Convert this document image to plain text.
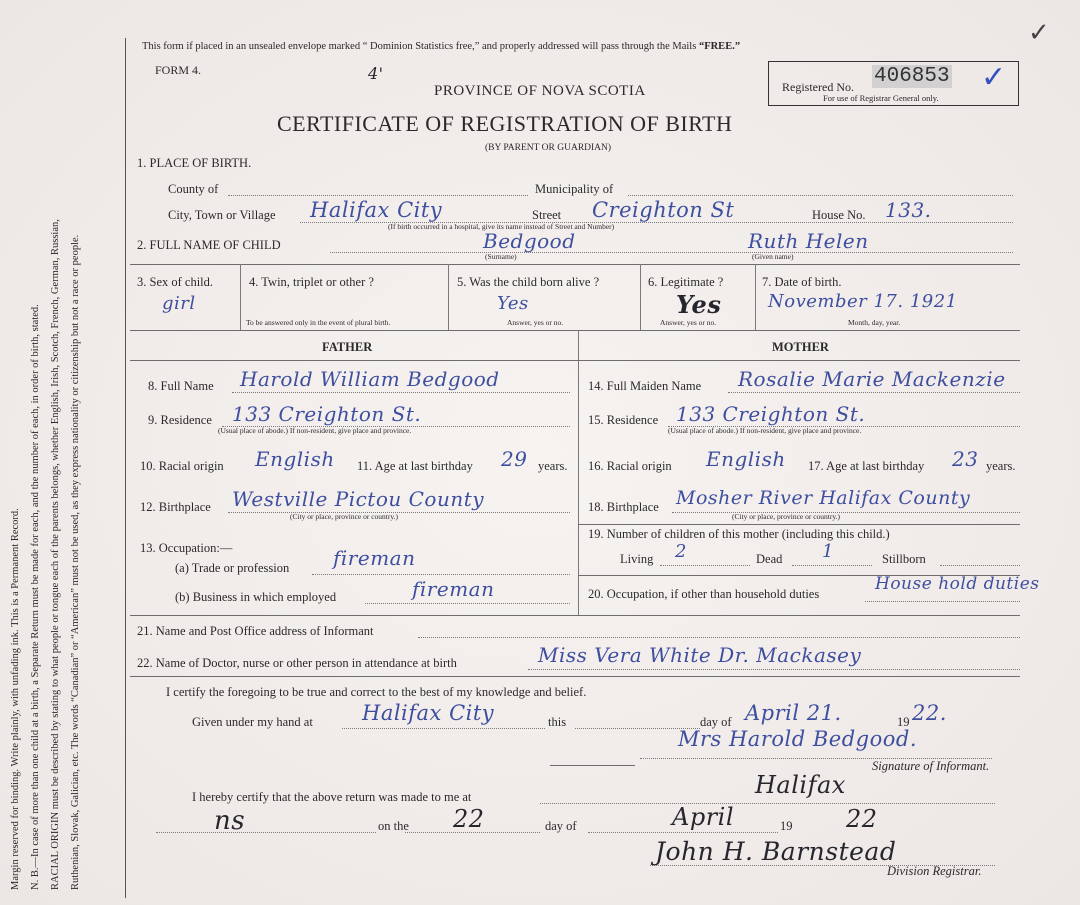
Margin reserved for binding. Write plainly, with unfading ink. This is a Permanent Record. N. B.—In case of more than one child at a birth, a Separate Return must be made for each, and the number of each, in order of birth, stated. RACIAL ORIGIN must be described by stating to what people or tongue each of the parents belongs, whether English, Irish, Scotch, French, German, Russian, Ruthenian, Slovak, Galician, etc. The words “Canadian” or “American” must not be used, as they express nationality or citizenship but not a race or people.
This form if placed in an unsealed envelope marked “ Dominion Statistics free,” and properly addressed will pass through the Mails “FREE.”
FORM 4.	4'
✓
PROVINCE OF NOVA SCOTIA
CERTIFICATE OF REGISTRATION OF BIRTH
(BY PARENT OR GUARDIAN)
Registered No. 406853
For use of Registrar General only.
✓
1. PLACE OF BIRTH.
County of	Municipality of
City, Town or Village Halifax City	Street Creighton St	House No. 133.
(If birth occurred in a hospital, give its name instead of Street and Number)
2. FULL NAME OF CHILD	Bedgood	Ruth Helen
(Surname)	(Given name)
3. Sex of child.
girl
4. Twin, triplet or other ?
To be answered only in the event of plural birth.
5. Was the child born alive ?
Yes
Answer, yes or no.
6. Legitimate ?
Yes
Answer, yes or no.
7. Date of birth.
November 17. 1921
Month, day, year.
FATHER	MOTHER
8. Full Name Harold William Bedgood
9. Residence 133 Creighton St.
(Usual place of abode.) If non-resident, give place and province.
10. Racial origin English 11. Age at last birthday 29 years.
12. Birthplace Westville Pictou County
(City or place, province or country.)
13. Occupation:—
(a) Trade or profession fireman
(b) Business in which employed	fireman
14. Full Maiden Name Rosalie Marie Mackenzie
15. Residence 133 Creighton St.
(Usual place of abode.) If non-resident, give place and province.
16. Racial origin English 17. Age at last birthday 23 years.
18. Birthplace Mosher River Halifax County
(City or place, province or country.)
19. Number of children of this mother (including this child.)
Living 2	Dead 1	Stillborn
20. Occupation, if other than household duties	House hold duties
21. Name and Post Office address of Informant
22. Name of Doctor, nurse or other person in attendance at birth	Miss Vera White Dr. Mackasey
I certify the foregoing to be true and correct to the best of my knowledge and belief.
Given under my hand at Halifax City	this	day of April 21.	19 22.
Mrs Harold Bedgood.
Signature of Informant.
I hereby certify that the above return was made to me at	Halifax
ns	on the 22	day of	April	19 22
John H. Barnstead
Division Registrar.
